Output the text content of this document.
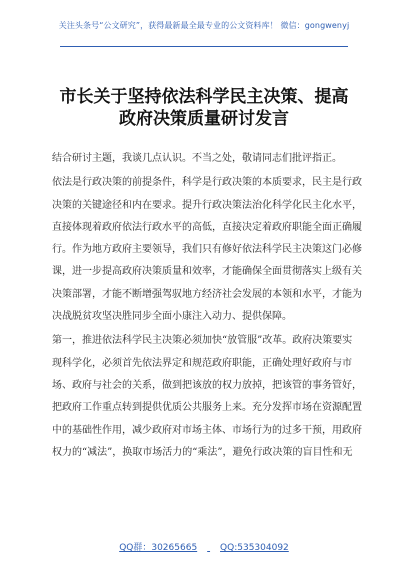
关注头条号“公文研究”，获得最新最全最专业的公文资料库！ 微信：gongwenyj
市长关于坚持依法科学民主决策、提高
政府决策质量研讨发言

结合研讨主题，我谈几点认识。不当之处，敬请同志们批评指正。

依法是行政决策的前提条件，科学是行政决策的本质要求，民主是行政决策的关键途径和内在要求。提升行政决策法治化科学化民主化水平，直接体现着政府依法行政水平的高低，直接决定着政府职能全面正确履行。作为地方政府主要领导，我们只有修好依法科学民主决策这门必修课，进一步提高政府决策质量和效率，才能确保全面贯彻落实上级有关决策部署，才能不断增强驾驭地方经济社会发展的本领和水平，才能为决战脱贫攻坚决胜同步全面小康注入动力、提供保障。

第一，推进依法科学民主决策必须加快“放管服”改革。政府决策要实现科学化，必须首先依法界定和规范政府职能，正确处理好政府与市场、政府与社会的关系，做到把该放的权力放掉，把该管的事务管好，把政府工作重点转到提供优质公共服务上来。充分发挥市场在资源配置中的基础性作用，减少政府对市场主体、市场行为的过多干预，用政府权力的“减法”，换取市场活力的“乘法”，避免行政决策的盲目性和无

QQ群：30265665	QQ:535304092
